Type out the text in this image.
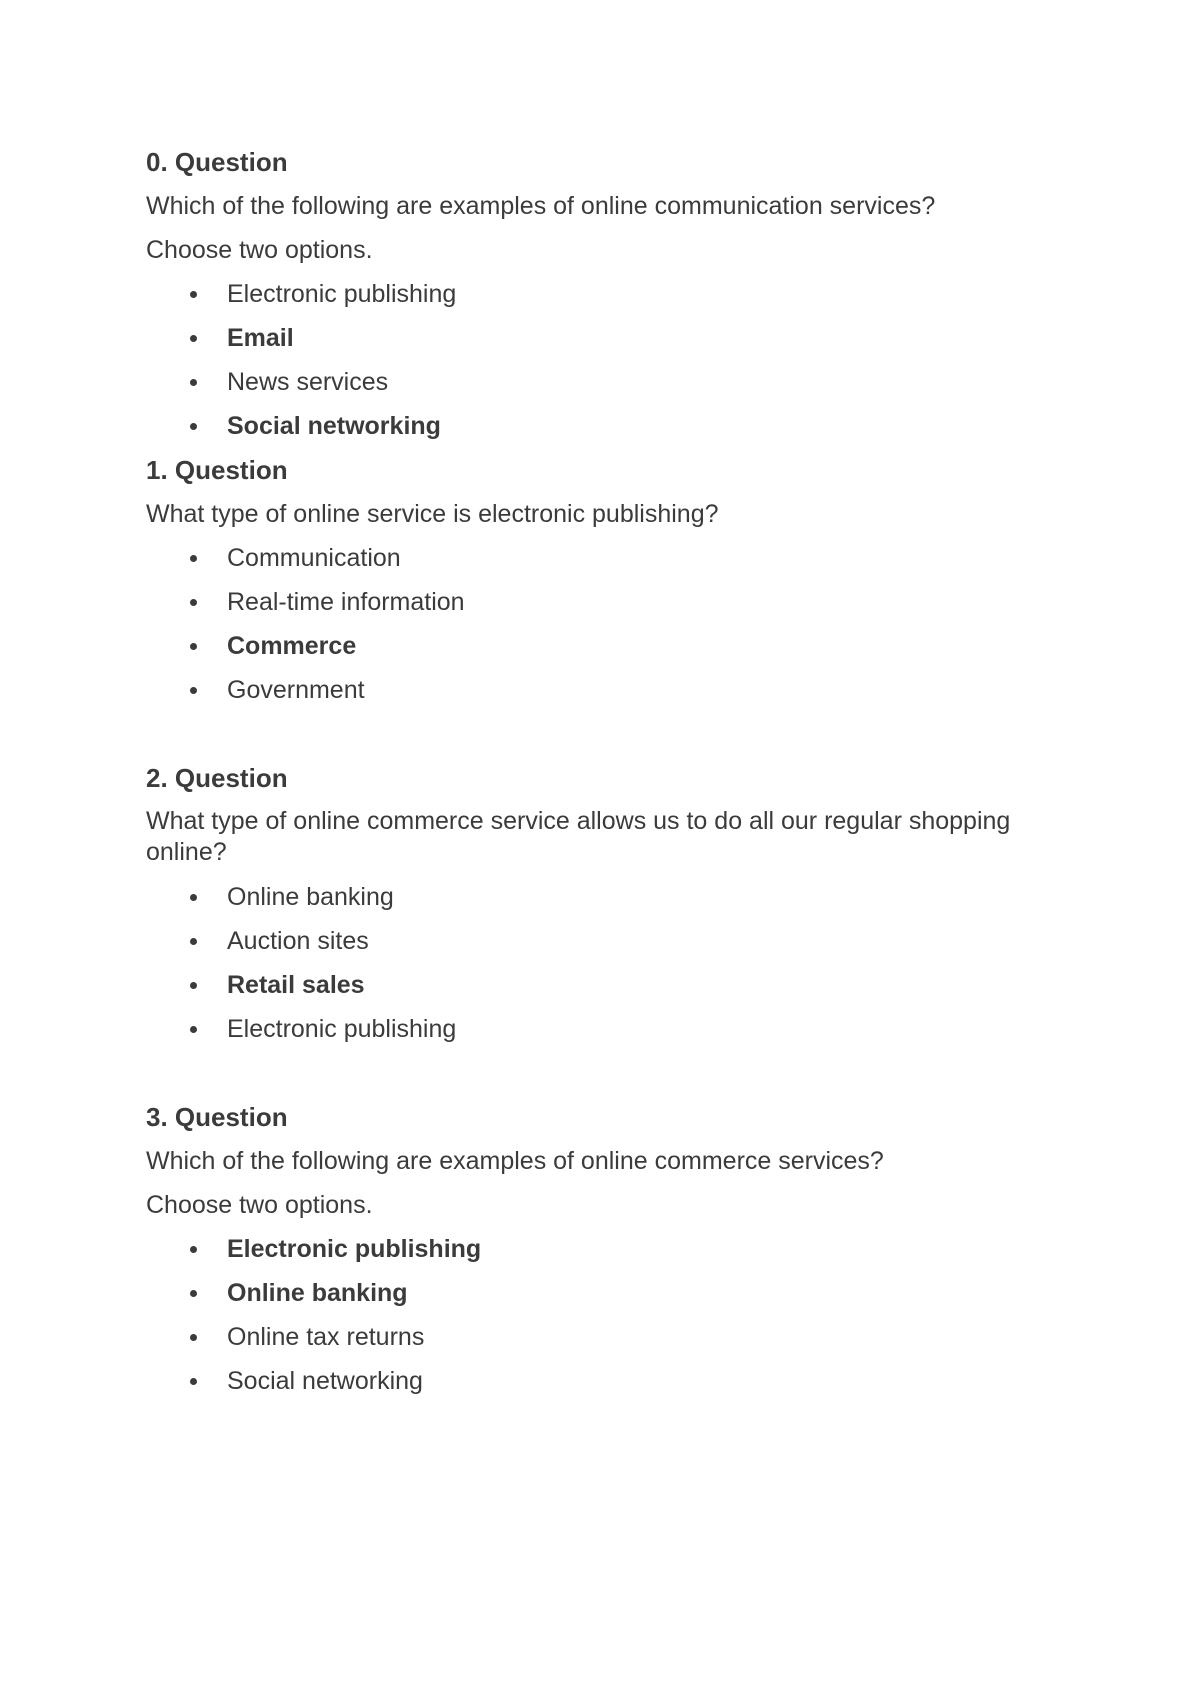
0. Question

Which of the following are examples of online communication services?

Choose two options.

Electronic publishing
Email
News services
Social networking

1. Question

What type of online service is electronic publishing?

Communication
Real-time information
Commerce
Government

2. Question

What type of online commerce service allows us to do all our regular shopping online?

Online banking
Auction sites
Retail sales
Electronic publishing

3. Question

Which of the following are examples of online commerce services?

Choose two options.

Electronic publishing
Online banking
Online tax returns
Social networking
